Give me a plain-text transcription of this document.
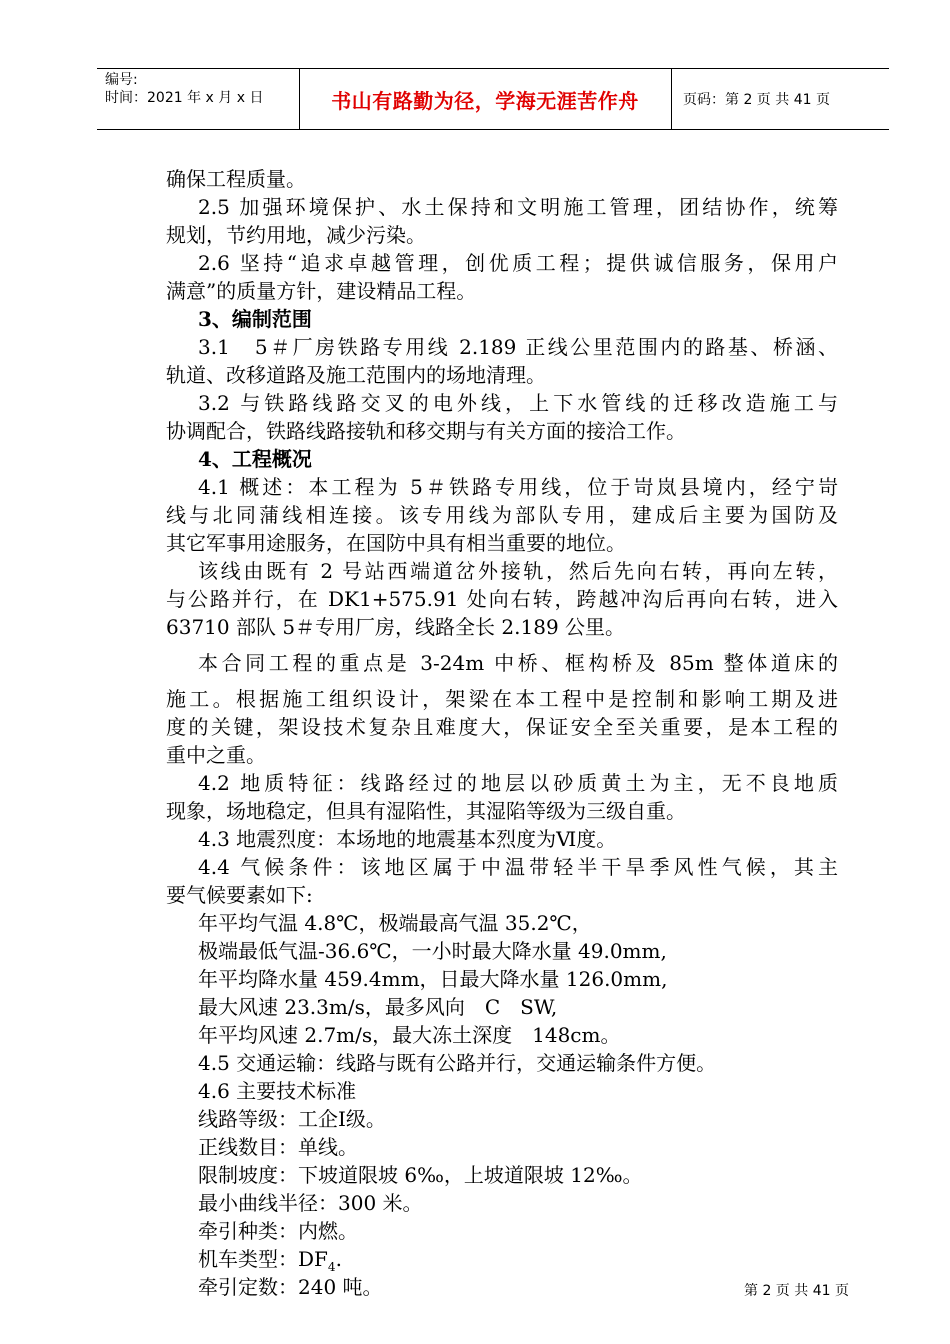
编号:
时间：2021 年 x 月 x 日	书山有路勤为径，学海无涯苦作舟	页码：第 2 页 共 41 页
确保工程质量。
2.5 加强环境保护、水土保持和文明施工管理，团结协作，统筹
规划，节约用地，减少污染。
2.6 坚持“追求卓越管理，创优质工程；提供诚信服务，保用户
满意”的质量方针，建设精品工程。
3、编制范围
3.1　5＃厂房铁路专用线 2.189 正线公里范围内的路基、桥涵、
轨道、改移道路及施工范围内的场地清理。
3.2 与铁路线路交叉的电外线，上下水管线的迁移改造施工与
协调配合，铁路线路接轨和移交期与有关方面的接洽工作。
4、工程概况
4.1 概述：本工程为 5＃铁路专用线，位于岢岚县境内，经宁岢
线与北同蒲线相连接。该专用线为部队专用，建成后主要为国防及
其它军事用途服务，在国防中具有相当重要的地位。
该线由既有 2 号站西端道岔外接轨，然后先向右转，再向左转，
与公路并行，在 DK1+575.91 处向右转，跨越冲沟后再向右转，进入
63710 部队 5＃专用厂房，线路全长 2.189 公里。
本合同工程的重点是 3-24m 中桥、框构桥及 85m 整体道床的
施工。根据施工组织设计，架梁在本工程中是控制和影响工期及进
度的关键，架设技术复杂且难度大，保证安全至关重要，是本工程的
重中之重。
4.2 地质特征：线路经过的地层以砂质黄土为主，无不良地质
现象，场地稳定，但具有湿陷性，其湿陷等级为三级自重。
4.3 地震烈度：本场地的地震基本烈度为Ⅵ度。
4.4 气候条件：该地区属于中温带轻半干旱季风性气候，其主
要气候要素如下:
年平均气温 4.8℃，极端最高气温 35.2℃，
极端最低气温-36.6℃，一小时最大降水量 49.0mm,
年平均降水量 459.4mm，日最大降水量 126.0mm,
最大风速 23.3m/s，最多风向　C　SW,
年平均风速 2.7m/s，最大冻土深度　148cm。
4.5 交通运输：线路与既有公路并行，交通运输条件方便。
4.6 主要技术标准
线路等级：工企Ⅰ级。
正线数目：单线。
限制坡度：下坡道限坡 6‰，上坡道限坡 12‰。
最小曲线半径：300 米。
牵引种类：内燃。
机车类型：$DF_4$.
牵引定数：240 吨。	第 2 页 共 41 页
